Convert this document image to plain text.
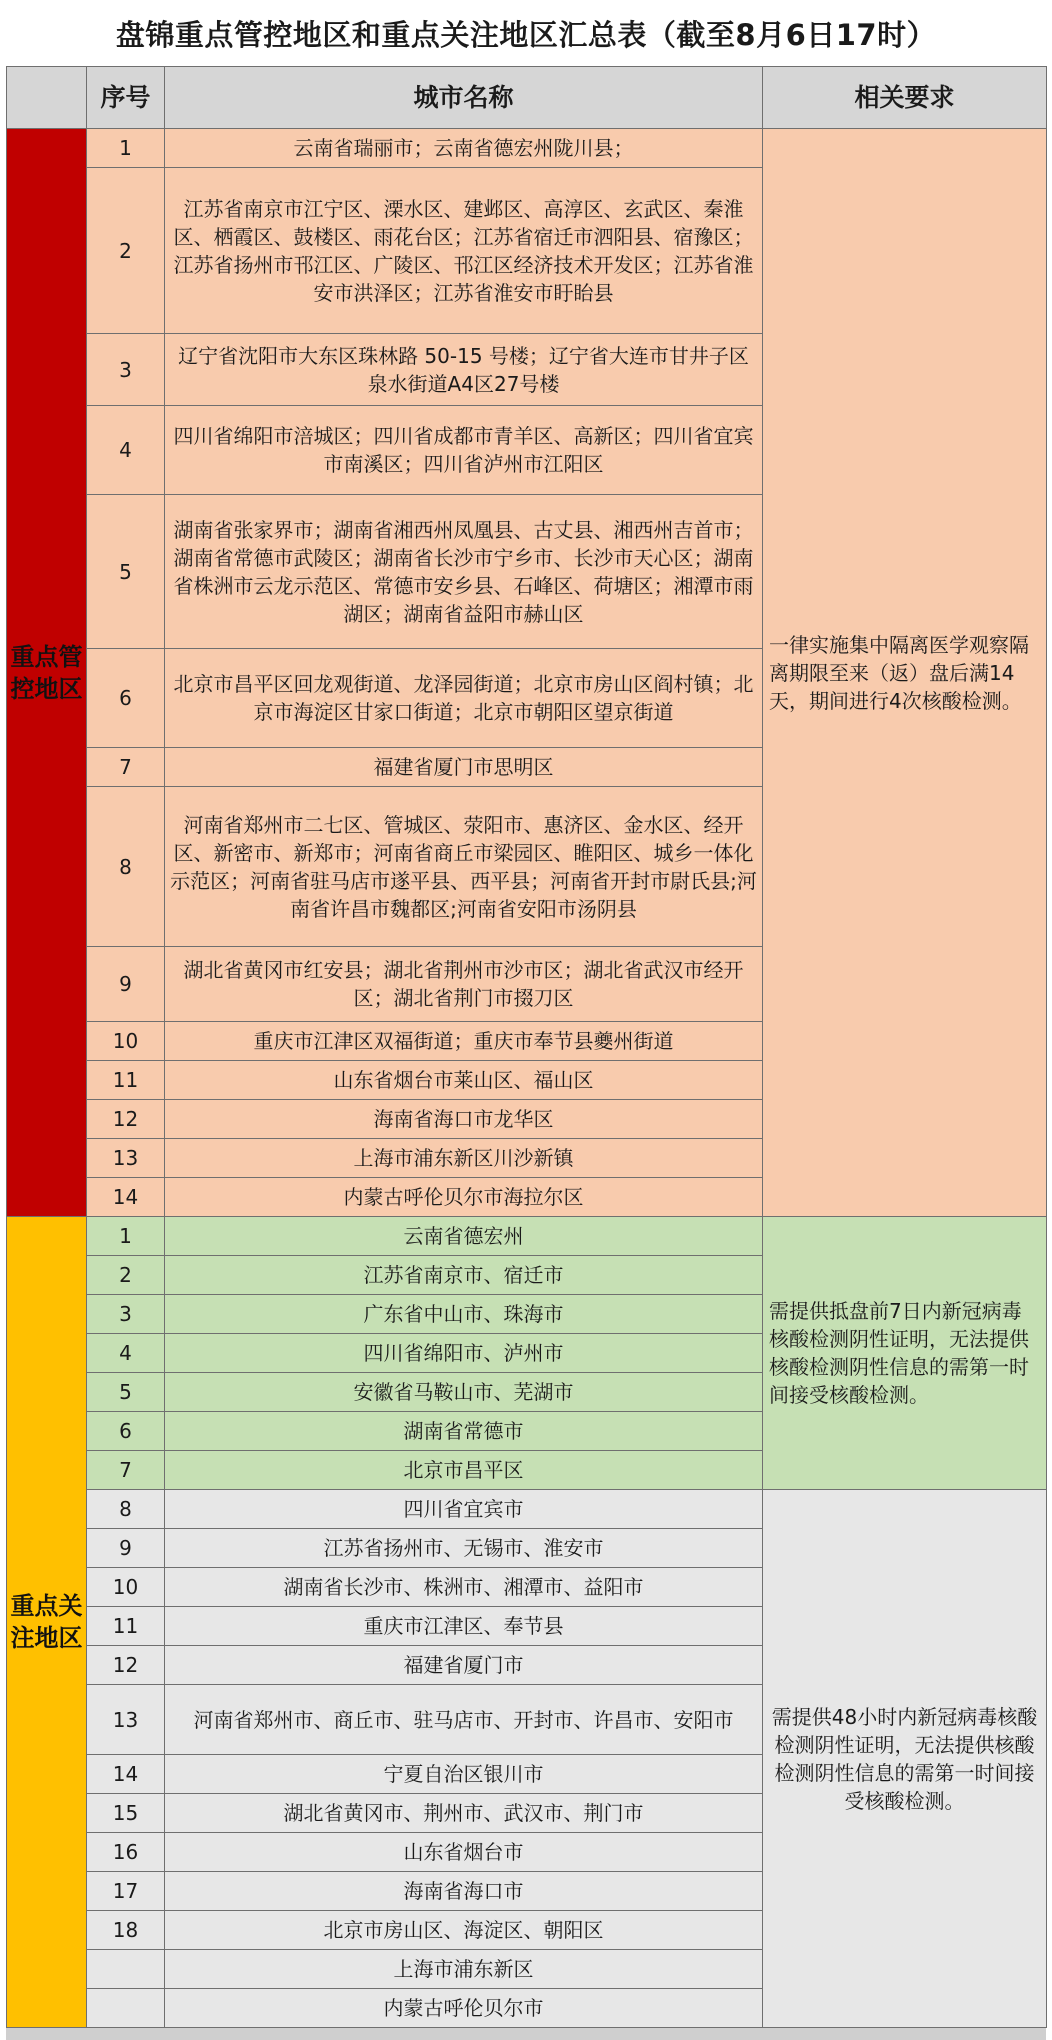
盘锦重点管控地区和重点关注地区汇总表（截至8月6日17时）
	序号	城市名称	相关要求
重点管控地区	1	云南省瑞丽市；云南省德宏州陇川县；	一律实施集中隔离医学观察隔离期限至来（返）盘后满14天，期间进行4次核酸检测。
	2	江苏省南京市江宁区、溧水区、建邺区、高淳区、玄武区、秦淮区、栖霞区、鼓楼区、雨花台区；江苏省宿迁市泗阳县、宿豫区；江苏省扬州市邗江区、广陵区、邗江区经济技术开发区；江苏省淮安市洪泽区；江苏省淮安市盱眙县	
	3	辽宁省沈阳市大东区珠林路 50-15 号楼；辽宁省大连市甘井子区泉水街道A4区27号楼	
	4	四川省绵阳市涪城区；四川省成都市青羊区、高新区；四川省宜宾市南溪区；四川省泸州市江阳区	
	5	湖南省张家界市；湖南省湘西州凤凰县、古丈县、湘西州吉首市；湖南省常德市武陵区；湖南省长沙市宁乡市、长沙市天心区；湖南省株洲市云龙示范区、常德市安乡县、石峰区、荷塘区；湘潭市雨湖区；湖南省益阳市赫山区	
	6	北京市昌平区回龙观街道、龙泽园街道；北京市房山区阎村镇；北京市海淀区甘家口街道；北京市朝阳区望京街道	
	7	福建省厦门市思明区	
	8	河南省郑州市二七区、管城区、荥阳市、惠济区、金水区、经开区、新密市、新郑市；河南省商丘市梁园区、睢阳区、城乡一体化示范区；河南省驻马店市遂平县、西平县；河南省开封市尉氏县;河南省许昌市魏都区;河南省安阳市汤阴县	
	9	湖北省黄冈市红安县；湖北省荆州市沙市区；湖北省武汉市经开区；湖北省荆门市掇刀区	
	10	重庆市江津区双福街道；重庆市奉节县夔州街道	
	11	山东省烟台市莱山区、福山区	
	12	海南省海口市龙华区	
	13	上海市浦东新区川沙新镇	
	14	内蒙古呼伦贝尔市海拉尔区	
重点关注地区	1	云南省德宏州	需提供抵盘前7日内新冠病毒核酸检测阴性证明，无法提供核酸检测阴性信息的需第一时间接受核酸检测。
	2	江苏省南京市、宿迁市	
	3	广东省中山市、珠海市	
	4	四川省绵阳市、泸州市	
	5	安徽省马鞍山市、芜湖市	
	6	湖南省常德市	
	7	北京市昌平区	
	8	四川省宜宾市	需提供48小时内新冠病毒核酸检测阴性证明，无法提供核酸检测阴性信息的需第一时间接受核酸检测。
	9	江苏省扬州市、无锡市、淮安市	
	10	湖南省长沙市、株洲市、湘潭市、益阳市	
	11	重庆市江津区、奉节县	
	12	福建省厦门市	
	13	河南省郑州市、商丘市、驻马店市、开封市、许昌市、安阳市	
	14	宁夏自治区银川市	
	15	湖北省黄冈市、荆州市、武汉市、荆门市	
	16	山东省烟台市	
	17	海南省海口市	
	18	北京市房山区、海淀区、朝阳区	
		上海市浦东新区	
		内蒙古呼伦贝尔市	
